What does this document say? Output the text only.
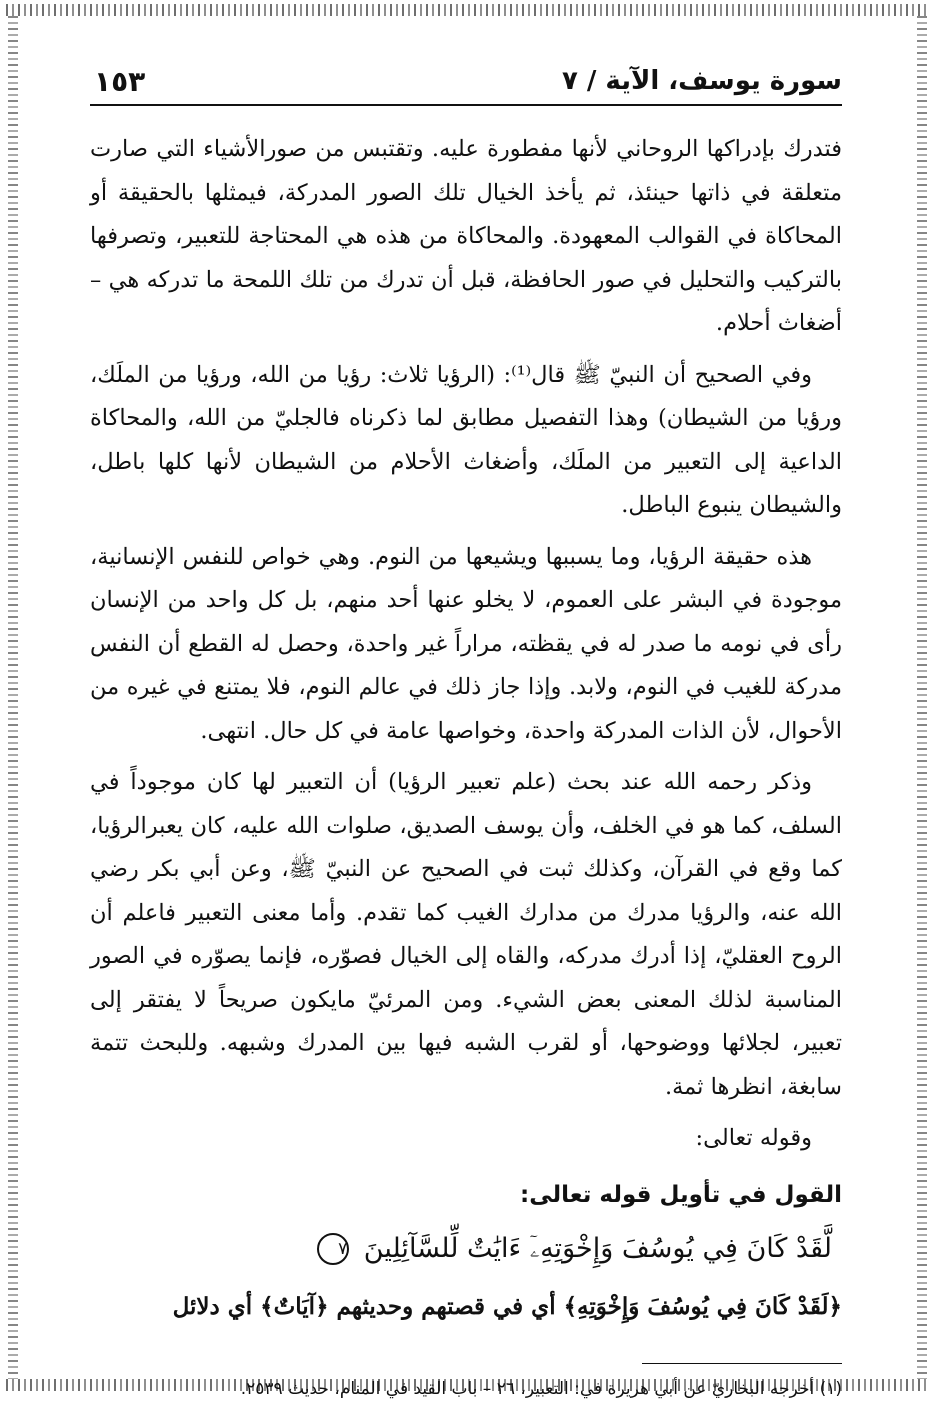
سورة يوسف، الآية / ٧
١٥٣

فتدرك بإدراكها الروحاني لأنها مفطورة عليه. وتقتبس من صورالأشياء التي صارت متعلقة في ذاتها حينئذ، ثم يأخذ الخيال تلك الصور المدركة، فيمثلها بالحقيقة أو المحاكاة في القوالب المعهودة. والمحاكاة من هذه هي المحتاجة للتعبير، وتصرفها بالتركيب والتحليل في صور الحافظة، قبل أن تدرك من تلك اللمحة ما تدركه هي – أضغاث أحلام.

وفي الصحيح أن النبيّ ﷺ قال⁽¹⁾: (الرؤيا ثلاث: رؤيا من الله، ورؤيا من الملَك، ورؤيا من الشيطان) وهذا التفصيل مطابق لما ذكرناه فالجليّ من الله، والمحاكاة الداعية إلى التعبير من الملَك، وأضغاث الأحلام من الشيطان لأنها كلها باطل، والشيطان ينبوع الباطل.

هذه حقيقة الرؤيا، وما يسببها ويشيعها من النوم. وهي خواص للنفس الإنسانية، موجودة في البشر على العموم، لا يخلو عنها أحد منهم، بل كل واحد من الإنسان رأى في نومه ما صدر له في يقظته، مراراً غير واحدة، وحصل له القطع أن النفس مدركة للغيب في النوم، ولابد. وإذا جاز ذلك في عالم النوم، فلا يمتنع في غيره من الأحوال، لأن الذات المدركة واحدة، وخواصها عامة في كل حال. انتهى.

وذكر رحمه الله عند بحث (علم تعبير الرؤيا) أن التعبير لها كان موجوداً في السلف، كما هو في الخلف، وأن يوسف الصديق، صلوات الله عليه، كان يعبرالرؤيا، كما وقع في القرآن، وكذلك ثبت في الصحيح عن النبيّ ﷺ، وعن أبي بكر رضي الله عنه، والرؤيا مدرك من مدارك الغيب كما تقدم. وأما معنى التعبير فاعلم أن الروح العقليّ، إذا أدرك مدركه، والقاه إلى الخيال فصوّره، فإنما يصوّره في الصور المناسبة لذلك المعنى بعض الشيء. ومن المرئيّ مايكون صريحاً لا يفتقر إلى تعبير، لجلائها ووضوحها، أو لقرب الشبه فيها بين المدرك وشبهه. وللبحث تتمة سابغة، انظرها ثمة.

وقوله تعالى:

القول في تأويل قوله تعالى:
لَّقَدْ كَانَ فِي يُوسُفَ وَإِخْوَتِهِۦٓ ءَايَٰتٌ لِّلسَّآئِلِينَ ٧
﴿لَقَدْ كَانَ فِي يُوسُفَ وَإِخْوَتِهِ﴾ أي في قصتهم وحديثهم ﴿آيَاتٌ﴾ أي دلائل
(١) أخرجه البخاريّ عن أبي هريرة في: التعبير، ٢٦ – باب القيد في المنام، حديث ٢٥٣٩.
